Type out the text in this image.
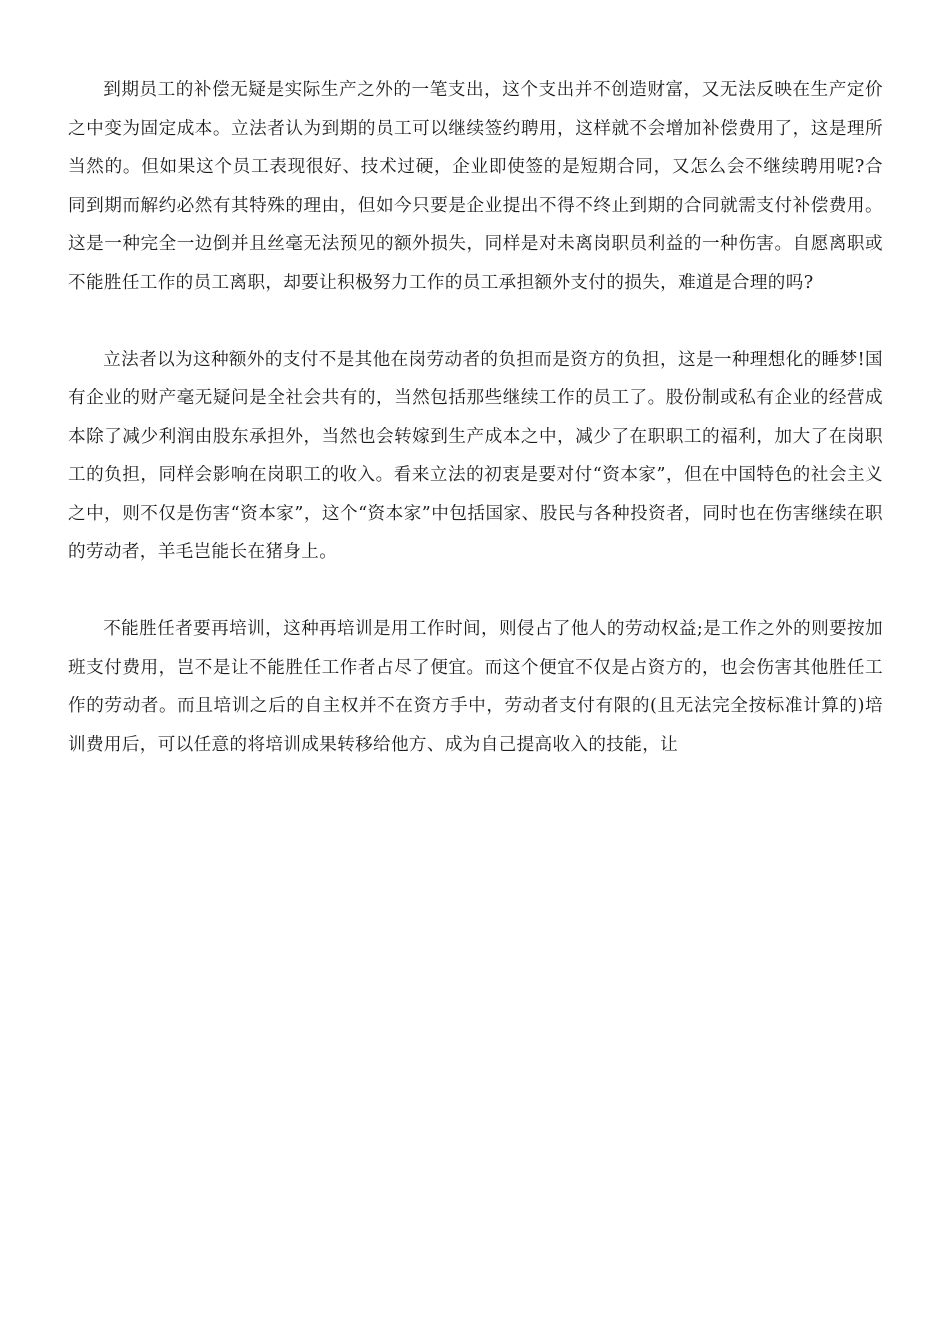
到期员工的补偿无疑是实际生产之外的一笔支出，这个支出并不创造财富，又无法反映在生产定价之中变为固定成本。立法者认为到期的员工可以继续签约聘用，这样就不会增加补偿费用了，这是理所当然的。但如果这个员工表现很好、技术过硬，企业即使签的是短期合同，又怎么会不继续聘用呢?合同到期而解约必然有其特殊的理由，但如今只要是企业提出不得不终止到期的合同就需支付补偿费用。这是一种完全一边倒并且丝毫无法预见的额外损失，同样是对未离岗职员利益的一种伤害。自愿离职或不能胜任工作的员工离职，却要让积极努力工作的员工承担额外支付的损失，难道是合理的吗?

立法者以为这种额外的支付不是其他在岗劳动者的负担而是资方的负担，这是一种理想化的睡梦!国有企业的财产毫无疑问是全社会共有的，当然包括那些继续工作的员工了。股份制或私有企业的经营成本除了减少利润由股东承担外，当然也会转嫁到生产成本之中，减少了在职职工的福利，加大了在岗职工的负担，同样会影响在岗职工的收入。看来立法的初衷是要对付“资本家”，但在中国特色的社会主义之中，则不仅是伤害“资本家”，这个“资本家”中包括国家、股民与各种投资者，同时也在伤害继续在职的劳动者，羊毛岂能长在猪身上。

不能胜任者要再培训，这种再培训是用工作时间，则侵占了他人的劳动权益;是工作之外的则要按加班支付费用，岂不是让不能胜任工作者占尽了便宜。而这个便宜不仅是占资方的，也会伤害其他胜任工作的劳动者。而且培训之后的自主权并不在资方手中，劳动者支付有限的(且无法完全按标准计算的)培训费用后，可以任意的将培训成果转移给他方、成为自己提高收入的技能，让
